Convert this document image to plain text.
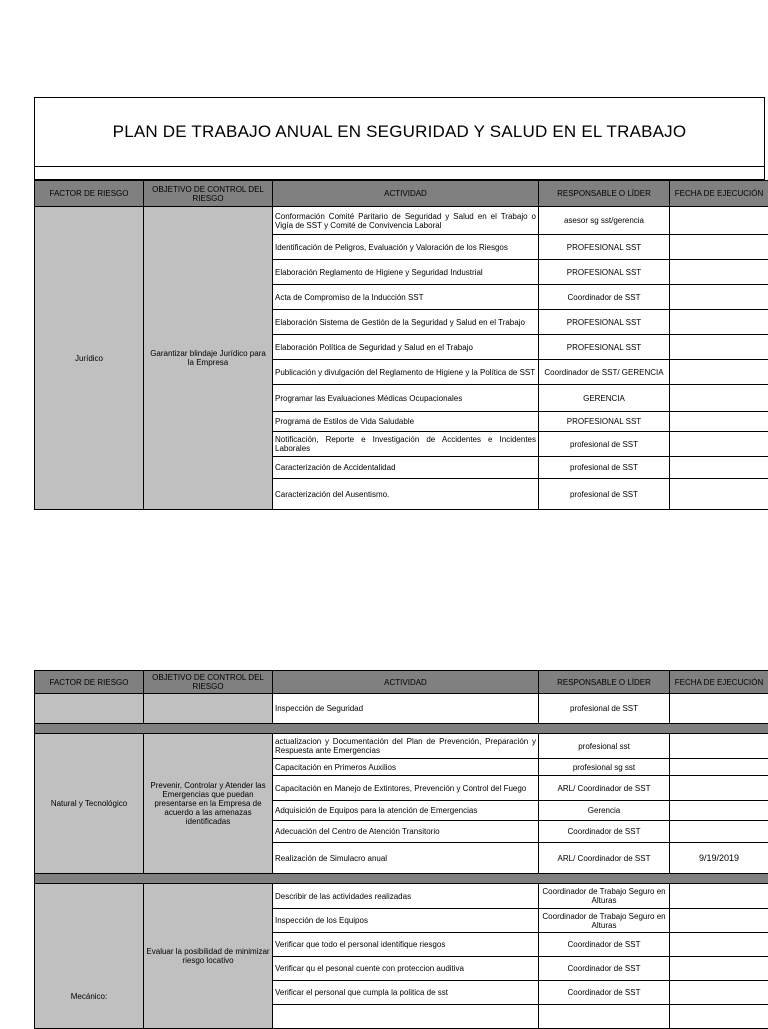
PLAN DE TRABAJO ANUAL EN SEGURIDAD Y SALUD EN EL TRABAJO
FACTOR DE RIESGO	OBJETIVO DE CONTROL DEL RIESGO	ACTIVIDAD	RESPONSABLE O LÍDER	FECHA DE EJECUCIÓN
Jurídico	Garantizar blindaje Jurídico para la Empresa	Conformación Comité Paritario de Seguridad y Salud en el Trabajo o Vigía de SST y Comité de Convivencia Laboral	asesor sg sst/gerencia	
		Identificación de Peligros, Evaluación y Valoración de los Riesgos	PROFESIONAL SST	
		Elaboración Reglamento de Higiene y Seguridad Industrial	PROFESIONAL SST	
		Acta de Compromiso de la Inducción SST	Coordinador de SST	
		Elaboración Sistema de Gestión de la Seguridad y Salud en el Trabajo	PROFESIONAL SST	
		Elaboración Política de Seguridad y Salud en el Trabajo	PROFESIONAL SST	
		Publicación y divulgación del Reglamento de Higiene y la Política de SST	Coordinador de SST/ GERENCIA	
		Programar las Evaluaciones Médicas Ocupacionales	GERENCIA	
		Programa de Estilos de Vida Saludable	PROFESIONAL SST	
		Notificación, Reporte e Investigación de Accidentes e Incidentes Laborales	profesional de SST	
		Caracterización de Accidentalidad	profesional de SST	
		Caracterización del Ausentismo.	profesional de SST	
FACTOR DE RIESGO	OBJETIVO DE CONTROL DEL RIESGO	ACTIVIDAD	RESPONSABLE O LÍDER	FECHA DE EJECUCIÓN
		Inspección de Seguridad	profesional de SST	

Natural y Tecnológico	Prevenir, Controlar y Atender las Emergencias que puedan presentarse en la Empresa de acuerdo a las amenazas identificadas	actualizacion y Documentación del Plan de Prevención, Preparación y Respuesta ante Emergencias	profesional sst	
		Capacitación en Primeros Auxilios	profesional sg sst	
		Capacitación en Manejo de Extintores, Prevención y Control del Fuego	ARL/ Coordinador de SST	
		Adquisición de Equipos para la atención de Emergencias	Gerencia	
		Adecuación del Centro de Atención Transitorio	Coordinador de SST	
		Realización de Simulacro anual	ARL/ Coordinador de SST	9/19/2019

Mecánico:	Evaluar la posibilidad de minimizar riesgo locativo	Describir de las actividades realizadas	Coordinador de Trabajo Seguro en Alturas	
		Inspección de los Equipos	Coordinador de Trabajo Seguro en Alturas	
		Verificar que todo el personal identifique riesgos	Coordinador de SST	
		Verificar qu el pesonal cuente con proteccion auditiva	Coordinador de SST	
		Verificar el personal que cumpla la politica de sst	Coordinador de SST	
